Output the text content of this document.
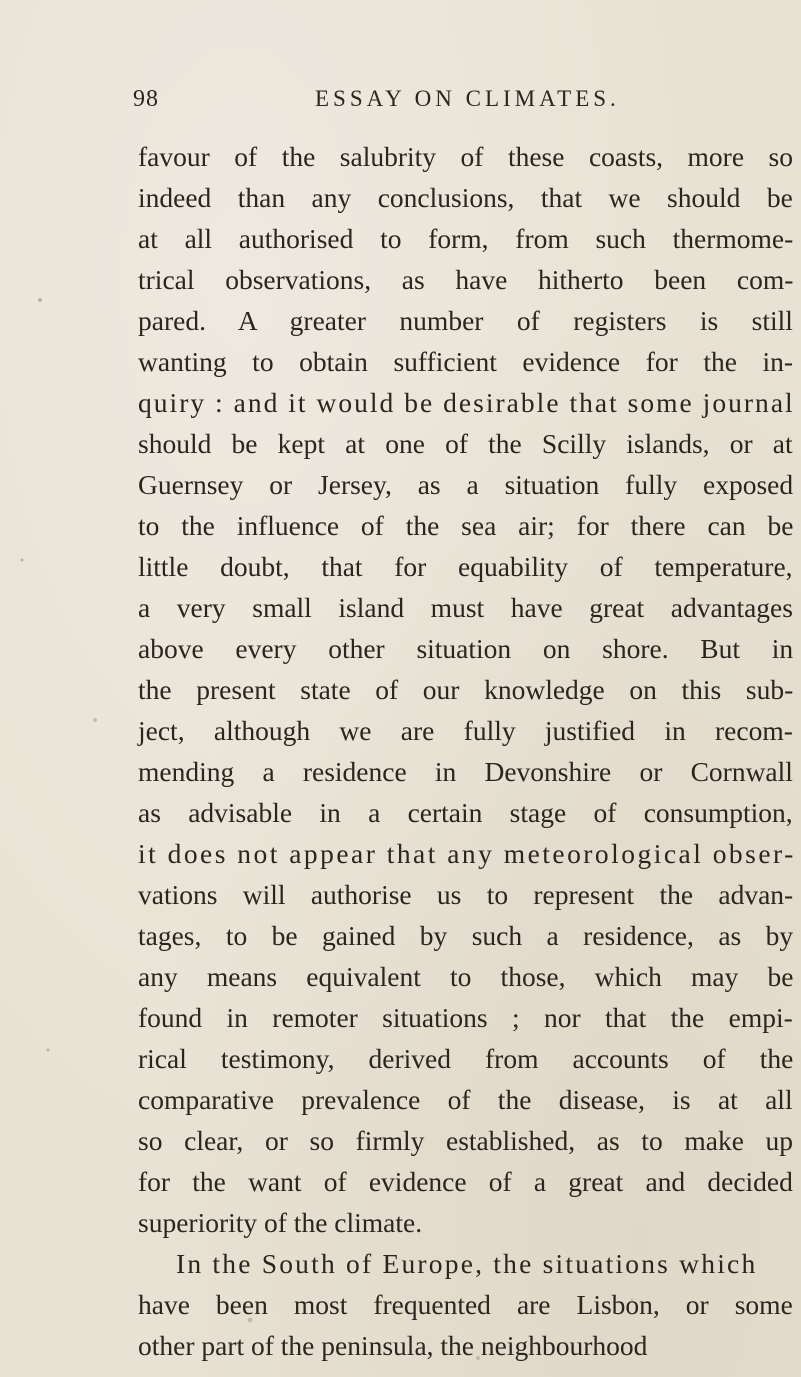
98	ESSAY ON CLIMATES.
favour of the salubrity of these coasts, more so
indeed than any conclusions, that we should be
at all authorised to form, from such thermome-
trical observations, as have hitherto been com-
pared. A greater number of registers is still
wanting to obtain sufficient evidence for the in-
quiry : and it would be desirable that some journal
should be kept at one of the Scilly islands, or at
Guernsey or Jersey, as a situation fully exposed
to the influence of the sea air; for there can be
little doubt, that for equability of temperature,
a very small island must have great advantages
above every other situation on shore. But in
the present state of our knowledge on this sub-
ject, although we are fully justified in recom-
mending a residence in Devonshire or Cornwall
as advisable in a certain stage of consumption,
it does not appear that any meteorological obser-
vations will authorise us to represent the advan-
tages, to be gained by such a residence, as by
any means equivalent to those, which may be
found in remoter situations ; nor that the empi-
rical testimony, derived from accounts of the
comparative prevalence of the disease, is at all
so clear, or so firmly established, as to make up
for the want of evidence of a great and decided
superiority of the climate.
In the South of Europe, the situations which
have been most frequented are Lisbon, or some
other part of the peninsula, the neighbourhood
